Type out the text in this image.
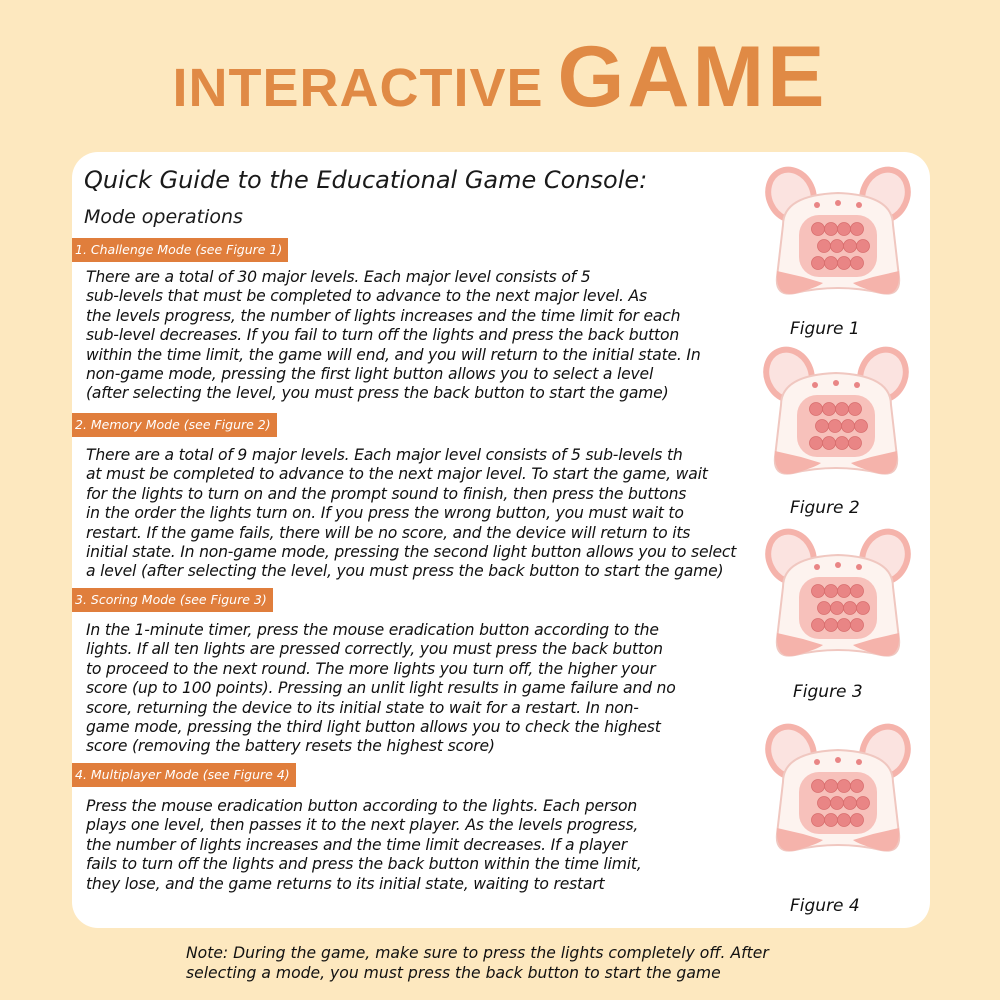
INTERACTIVE GAME
Quick Guide to the Educational Game Console:
Mode operations
1. Challenge Mode (see Figure 1)
There are a total of 30 major levels. Each major level consists of 5
sub-levels that must be completed to advance to the next major level. As
the levels progress, the number of lights increases and the time limit for each
sub-level decreases. If you fail to turn off the lights and press the back button
within the time limit, the game will end, and you will return to the initial state. In
non-game mode, pressing the first light button allows you to select a level
(after selecting the level, you must press the back button to start the game)
2. Memory Mode (see Figure 2)
There are a total of 9 major levels. Each major level consists of 5 sub-levels th
at must be completed to advance to the next major level. To start the game, wait
for the lights to turn on and the prompt sound to finish, then press the buttons
in the order the lights turn on. If you press the wrong button, you must wait to
restart. If the game fails, there will be no score, and the device will return to its
initial state. In non-game mode, pressing the second light button allows you to select
a level (after selecting the level, you must press the back button to start the game)
3. Scoring Mode (see Figure 3)
In the 1-minute timer, press the mouse eradication button according to the
lights. If all ten lights are pressed correctly, you must press the back button
to proceed to the next round. The more lights you turn off, the higher your
score (up to 100 points). Pressing an unlit light results in game failure and no
score, returning the device to its initial state to wait for a restart. In non-
game mode, pressing the third light button allows you to check the highest
score (removing the battery resets the highest score)
4. Multiplayer Mode (see Figure 4)
Press the mouse eradication button according to the lights. Each person
plays one level, then passes it to the next player. As the levels progress,
the number of lights increases and the time limit decreases. If a player
fails to turn off the lights and press the back button within the time limit,
they lose, and the game returns to its initial state, waiting to restart
Figure 1
Figure 2
Figure 3
Figure 4
Note: During the game, make sure to press the lights completely off. After
selecting a mode, you must press the back button to start the game
